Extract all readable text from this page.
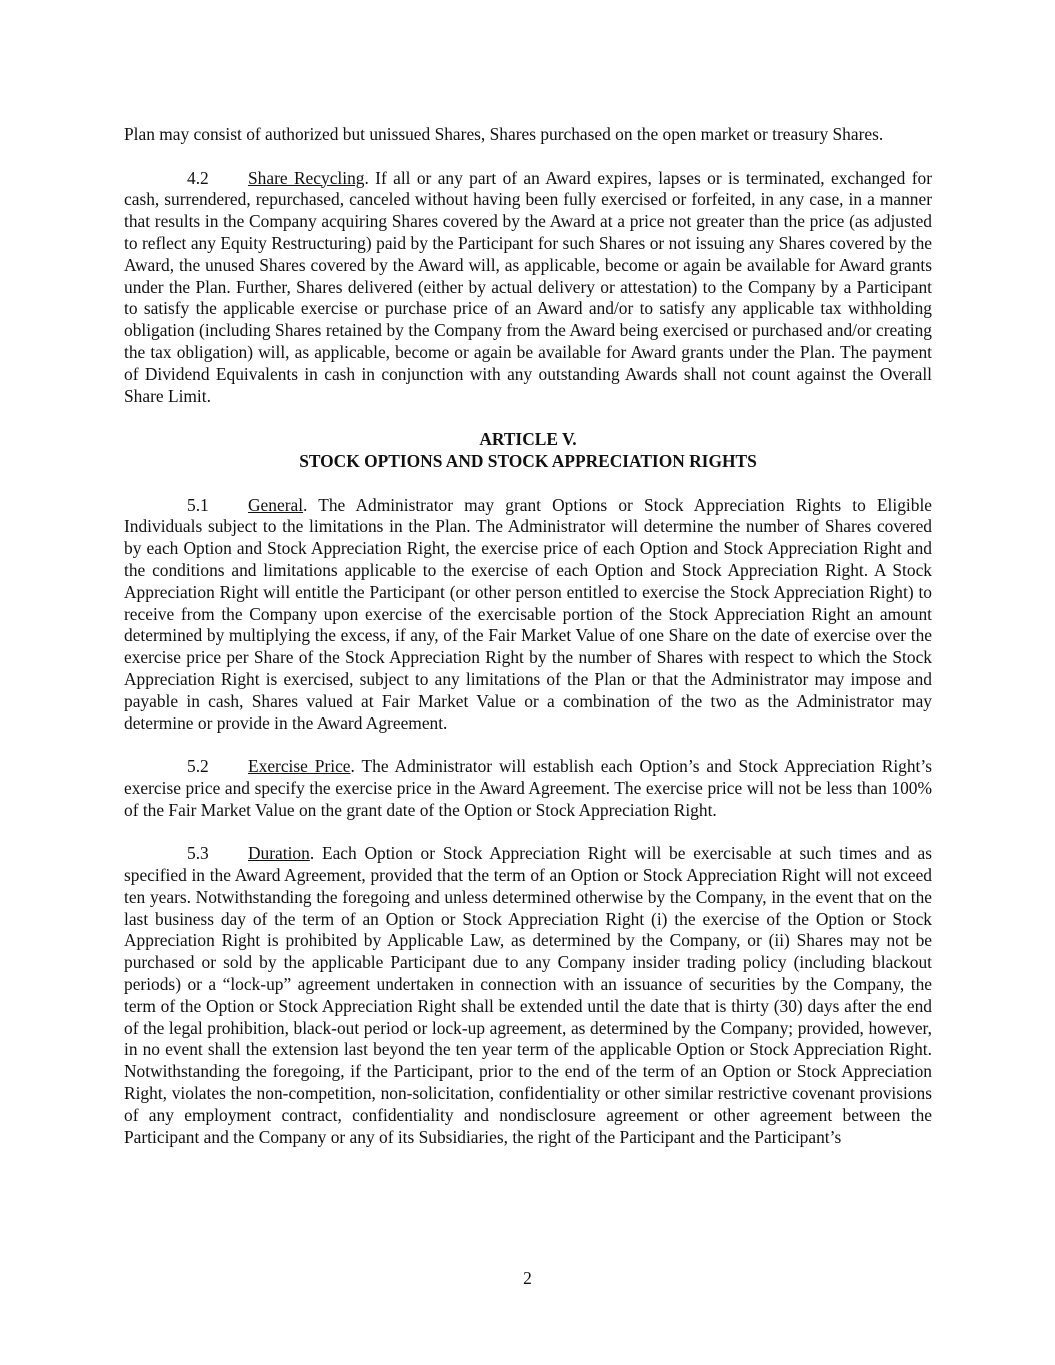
Plan may consist of authorized but unissued Shares, Shares purchased on the open market or treasury Shares.

4.2 Share Recycling. If all or any part of an Award expires, lapses or is terminated, exchanged for cash, surrendered, repurchased, canceled without having been fully exercised or forfeited, in any case, in a manner that results in the Company acquiring Shares covered by the Award at a price not greater than the price (as adjusted to reflect any Equity Restructuring) paid by the Participant for such Shares or not issuing any Shares covered by the Award, the unused Shares covered by the Award will, as applicable, become or again be available for Award grants under the Plan. Further, Shares delivered (either by actual delivery or attestation) to the Company by a Participant to satisfy the applicable exercise or purchase price of an Award and/or to satisfy any applicable tax withholding obligation (including Shares retained by the Company from the Award being exercised or purchased and/or creating the tax obligation) will, as applicable, become or again be available for Award grants under the Plan. The payment of Dividend Equivalents in cash in conjunction with any outstanding Awards shall not count against the Overall Share Limit.

ARTICLE V.

STOCK OPTIONS AND STOCK APPRECIATION RIGHTS

5.1 General. The Administrator may grant Options or Stock Appreciation Rights to Eligible Individuals subject to the limitations in the Plan. The Administrator will determine the number of Shares covered by each Option and Stock Appreciation Right, the exercise price of each Option and Stock Appreciation Right and the conditions and limitations applicable to the exercise of each Option and Stock Appreciation Right. A Stock Appreciation Right will entitle the Participant (or other person entitled to exercise the Stock Appreciation Right) to receive from the Company upon exercise of the exercisable portion of the Stock Appreciation Right an amount determined by multiplying the excess, if any, of the Fair Market Value of one Share on the date of exercise over the exercise price per Share of the Stock Appreciation Right by the number of Shares with respect to which the Stock Appreciation Right is exercised, subject to any limitations of the Plan or that the Administrator may impose and payable in cash, Shares valued at Fair Market Value or a combination of the two as the Administrator may determine or provide in the Award Agreement.

5.2 Exercise Price. The Administrator will establish each Option’s and Stock Appreciation Right’s exercise price and specify the exercise price in the Award Agreement. The exercise price will not be less than 100% of the Fair Market Value on the grant date of the Option or Stock Appreciation Right.

5.3 Duration. Each Option or Stock Appreciation Right will be exercisable at such times and as specified in the Award Agreement, provided that the term of an Option or Stock Appreciation Right will not exceed ten years. Notwithstanding the foregoing and unless determined otherwise by the Company, in the event that on the last business day of the term of an Option or Stock Appreciation Right (i) the exercise of the Option or Stock Appreciation Right is prohibited by Applicable Law, as determined by the Company, or (ii) Shares may not be purchased or sold by the applicable Participant due to any Company insider trading policy (including blackout periods) or a “lock-up” agreement undertaken in connection with an issuance of securities by the Company, the term of the Option or Stock Appreciation Right shall be extended until the date that is thirty (30) days after the end of the legal prohibition, black-out period or lock-up agreement, as determined by the Company; provided, however, in no event shall the extension last beyond the ten year term of the applicable Option or Stock Appreciation Right. Notwithstanding the foregoing, if the Participant, prior to the end of the term of an Option or Stock Appreciation Right, violates the non-competition, non-solicitation, confidentiality or other similar restrictive covenant provisions of any employment contract, confidentiality and nondisclosure agreement or other agreement between the Participant and the Company or any of its Subsidiaries, the right of the Participant and the Participant’s

2
